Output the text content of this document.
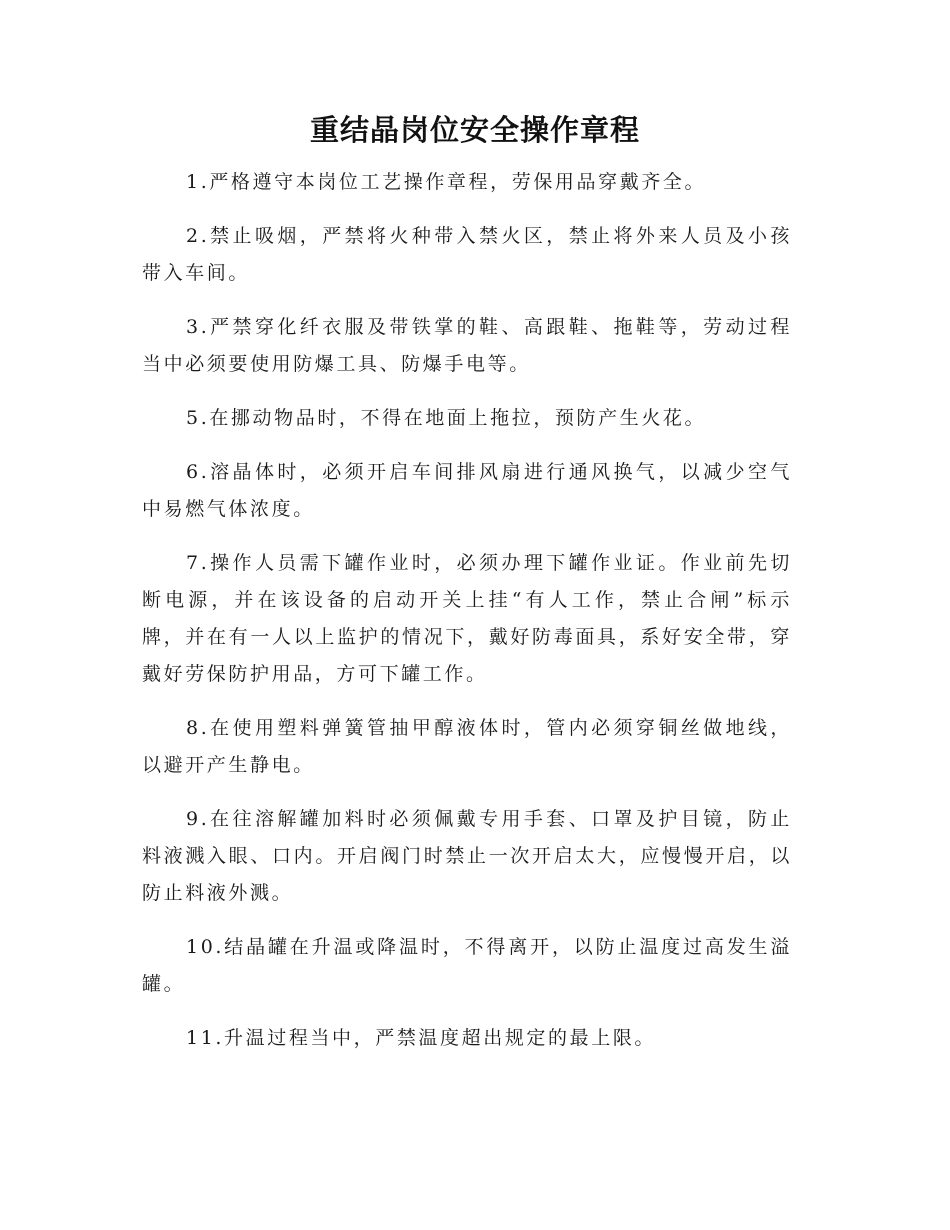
重结晶岗位安全操作章程

1.严格遵守本岗位工艺操作章程，劳保用品穿戴齐全。

2.禁止吸烟，严禁将火种带入禁火区，禁止将外来人员及小孩带入车间。

3.严禁穿化纤衣服及带铁掌的鞋、高跟鞋、拖鞋等，劳动过程当中必须要使用防爆工具、防爆手电等。

5.在挪动物品时，不得在地面上拖拉，预防产生火花。

6.溶晶体时，必须开启车间排风扇进行通风换气，以减少空气中易燃气体浓度。

7.操作人员需下罐作业时，必须办理下罐作业证。作业前先切断电源，并在该设备的启动开关上挂“有人工作，禁止合闸”标示牌，并在有一人以上监护的情况下，戴好防毒面具，系好安全带，穿戴好劳保防护用品，方可下罐工作。

8.在使用塑料弹簧管抽甲醇液体时，管内必须穿铜丝做地线，以避开产生静电。

9.在往溶解罐加料时必须佩戴专用手套、口罩及护目镜，防止料液溅入眼、口内。开启阀门时禁止一次开启太大，应慢慢开启，以防止料液外溅。

10.结晶罐在升温或降温时，不得离开，以防止温度过高发生溢罐。

11.升温过程当中，严禁温度超出规定的最上限。
